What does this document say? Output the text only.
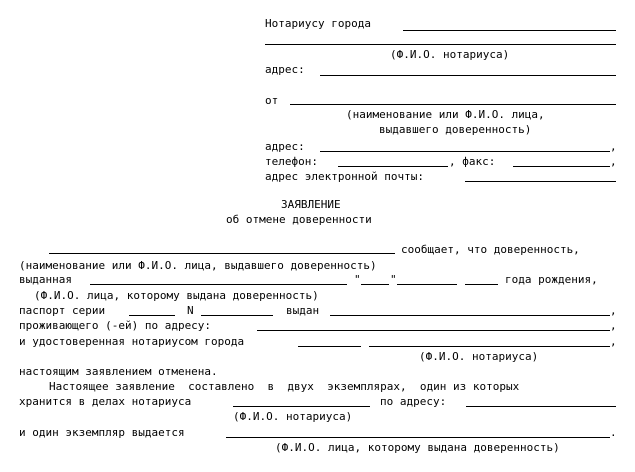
Нотариусу города
(Ф.И.О. нотариуса)
адрес:
от
(наименование или Ф.И.О. лица,
выдавшего доверенность)
адрес:	,
телефон:	, факс:	,
адрес электронной почты:
ЗАЯВЛЕНИЕ
об отмене доверенности
сообщает, что доверенность,
(наименование или Ф.И.О. лица, выдавшего доверенность)
выданная	"	"	года рождения,
(Ф.И.О. лица, которому выдана доверенность)
паспорт серии	N	выдан	,
проживающего (-ей) по адресу:	,
и удостоверенная нотариусом города	,
(Ф.И.О. нотариуса)
настоящим заявлением отменена.
Настоящее заявление  составлено  в  двух  экземплярах,  один из которых
хранится в делах нотариуса	по адресу:
(Ф.И.О. нотариуса)
и один экземпляр выдается	.
(Ф.И.О. лица, которому выдана доверенность)
